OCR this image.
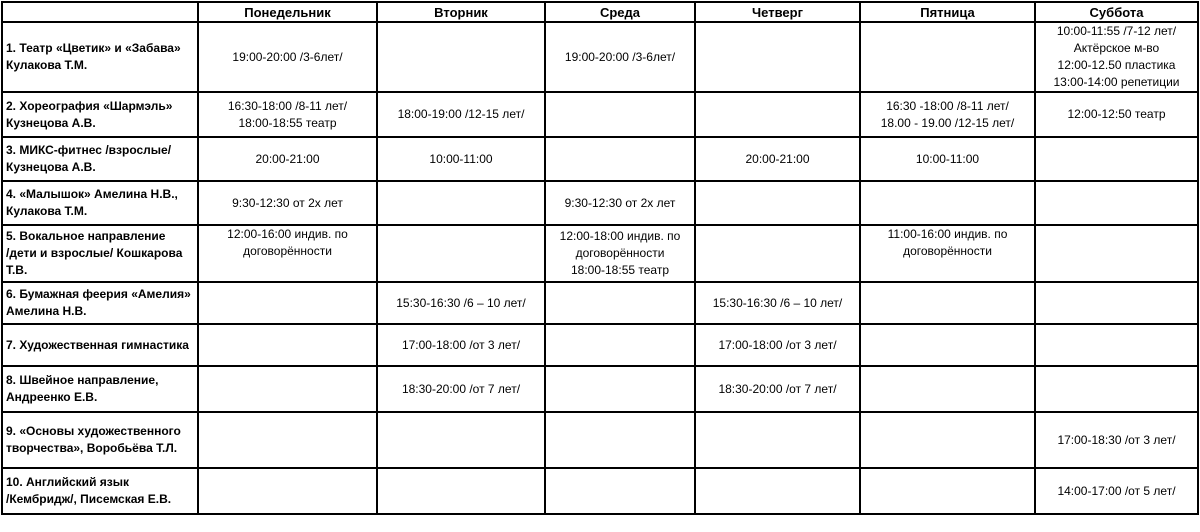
	Понедельник	Вторник	Среда	Четверг	Пятница	Суббота
1. Театр «Цветик» и «Забава»
Кулакова Т.М.	19:00-20:00 /3-6лет/		19:00-20:00 /3-6лет/			10:00-11:55 /7-12 лет/
Актёрское м-во
12:00-12.50 пластика
13:00-14:00 репетиции

2. Хореография «Шармэль»
Кузнецова А.В.	16:30-18:00 /8-11 лет/
18:00-18:55 театр	18:00-19:00 /12-15 лет/			16:30 -18:00 /8-11 лет/
18.00 - 19.00 /12-15 лет/	12:00-12:50 театр

3. МИКС-фитнес /взрослые/
Кузнецова А.В.	20:00-21:00	10:00-11:00		20:00-21:00	10:00-11:00	

4. «Малышок» Амелина Н.В.,
Кулакова Т.М.	9:30-12:30 от 2х лет		9:30-12:30 от 2х лет			

5. Вокальное направление
/дети и взрослые/ Кошкарова
Т.В.	12:00-16:00 индив. по
договорённости		12:00-18:00 индив. по
договорённости
18:00-18:55 театр		11:00-16:00 индив. по
договорённости	

6. Бумажная феерия «Амелия»
Амелина Н.В.		15:30-16:30 /6 – 10 лет/		15:30-16:30 /6 – 10 лет/		

7. Художественная гимнастика		17:00-18:00 /от 3 лет/		17:00-18:00 /от 3 лет/		

8. Швейное направление,
Андреенко Е.В.		18:30-20:00 /от 7 лет/		18:30-20:00 /от 7 лет/		

9. «Основы художественного
творчества», Воробьёва Т.Л.						17:00-18:30 /от 3 лет/

10. Английский язык
/Кембридж/, Писемская Е.В.						14:00-17:00 /от 5 лет/
